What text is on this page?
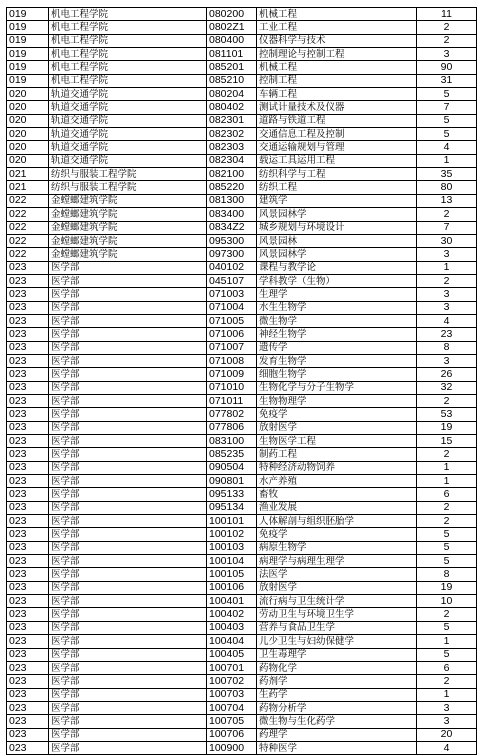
019	机电工程学院	080200	机械工程	11
019	机电工程学院	0802Z1	工业工程	2
019	机电工程学院	080400	仪器科学与技术	2
019	机电工程学院	081101	控制理论与控制工程	3
019	机电工程学院	085201	机械工程	90
019	机电工程学院	085210	控制工程	31
020	轨道交通学院	080204	车辆工程	5
020	轨道交通学院	080402	测试计量技术及仪器	7
020	轨道交通学院	082301	道路与铁道工程	5
020	轨道交通学院	082302	交通信息工程及控制	5
020	轨道交通学院	082303	交通运输规划与管理	4
020	轨道交通学院	082304	载运工具运用工程	1
021	纺织与服装工程学院	082100	纺织科学与工程	35
021	纺织与服装工程学院	085220	纺织工程	80
022	金螳螂建筑学院	081300	建筑学	13
022	金螳螂建筑学院	083400	风景园林学	2
022	金螳螂建筑学院	0834Z2	城乡规划与环境设计	7
022	金螳螂建筑学院	095300	风景园林	30
022	金螳螂建筑学院	097300	风景园林学	3
023	医学部	040102	课程与教学论	1
023	医学部	045107	学科教学（生物）	2
023	医学部	071003	生理学	3
023	医学部	071004	水生生物学	3
023	医学部	071005	微生物学	4
023	医学部	071006	神经生物学	23
023	医学部	071007	遗传学	8
023	医学部	071008	发育生物学	3
023	医学部	071009	细胞生物学	26
023	医学部	071010	生物化学与分子生物学	32
023	医学部	071011	生物物理学	2
023	医学部	077802	免疫学	53
023	医学部	077806	放射医学	19
023	医学部	083100	生物医学工程	15
023	医学部	085235	制药工程	2
023	医学部	090504	特种经济动物饲养	1
023	医学部	090801	水产养殖	1
023	医学部	095133	畜牧	6
023	医学部	095134	渔业发展	2
023	医学部	100101	人体解剖与组织胚胎学	2
023	医学部	100102	免疫学	5
023	医学部	100103	病原生物学	5
023	医学部	100104	病理学与病理生理学	5
023	医学部	100105	法医学	8
023	医学部	100106	放射医学	19
023	医学部	100401	流行病与卫生统计学	10
023	医学部	100402	劳动卫生与环境卫生学	2
023	医学部	100403	营养与食品卫生学	5
023	医学部	100404	儿少卫生与妇幼保健学	1
023	医学部	100405	卫生毒理学	5
023	医学部	100701	药物化学	6
023	医学部	100702	药剂学	2
023	医学部	100703	生药学	1
023	医学部	100704	药物分析学	3
023	医学部	100705	微生物与生化药学	3
023	医学部	100706	药理学	20
023	医学部	100900	特种医学	4
